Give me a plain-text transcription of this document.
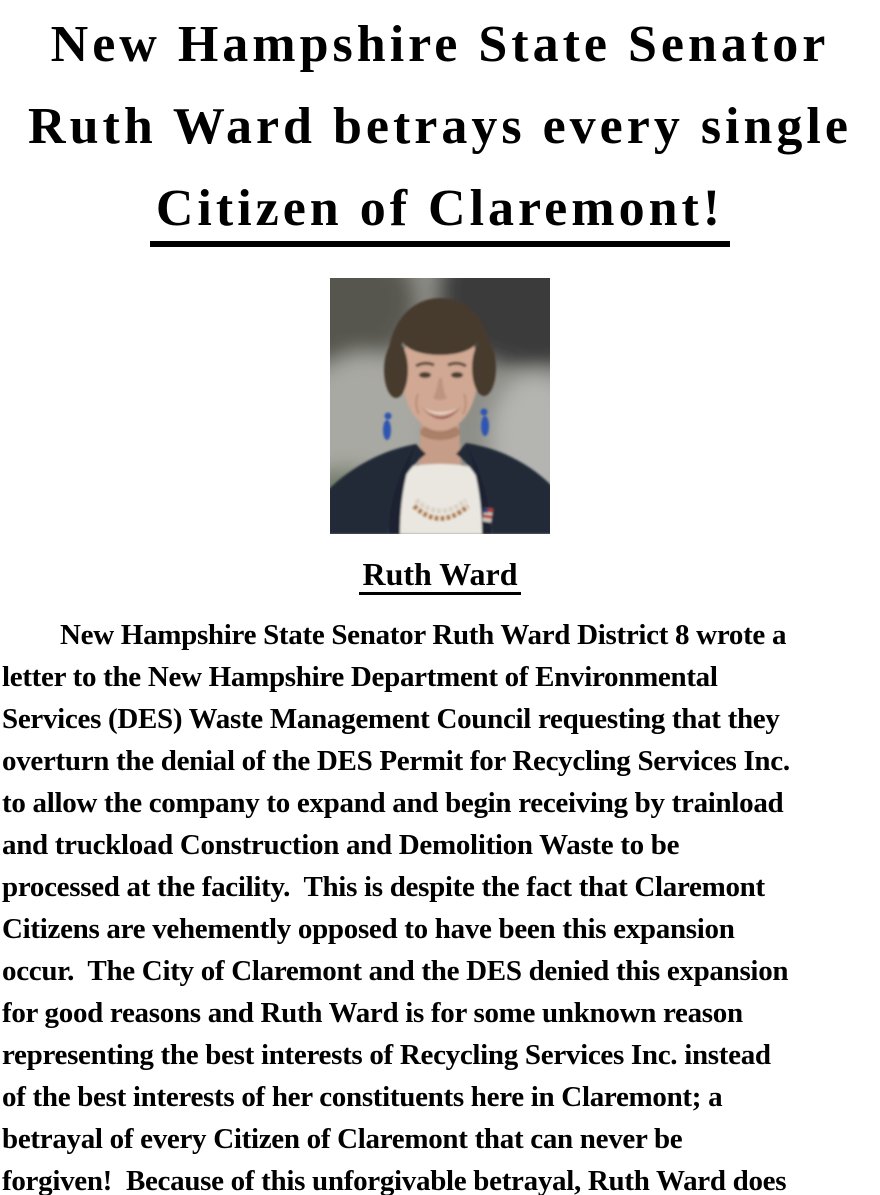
New Hampshire State Senator
Ruth Ward betrays every single
Citizen of Claremont!
Ruth Ward
New Hampshire State Senator Ruth Ward District 8 wrote a
letter to the New Hampshire Department of Environmental
Services (DES) Waste Management Council requesting that they
overturn the denial of the DES Permit for Recycling Services Inc.
to allow the company to expand and begin receiving by trainload
and truckload Construction and Demolition Waste to be
processed at the facility.  This is despite the fact that Claremont
Citizens are vehemently opposed to have been this expansion
occur.  The City of Claremont and the DES denied this expansion
for good reasons and Ruth Ward is for some unknown reason
representing the best interests of Recycling Services Inc. instead
of the best interests of her constituents here in Claremont; a
betrayal of every Citizen of Claremont that can never be
forgiven!  Because of this unforgivable betrayal, Ruth Ward does
